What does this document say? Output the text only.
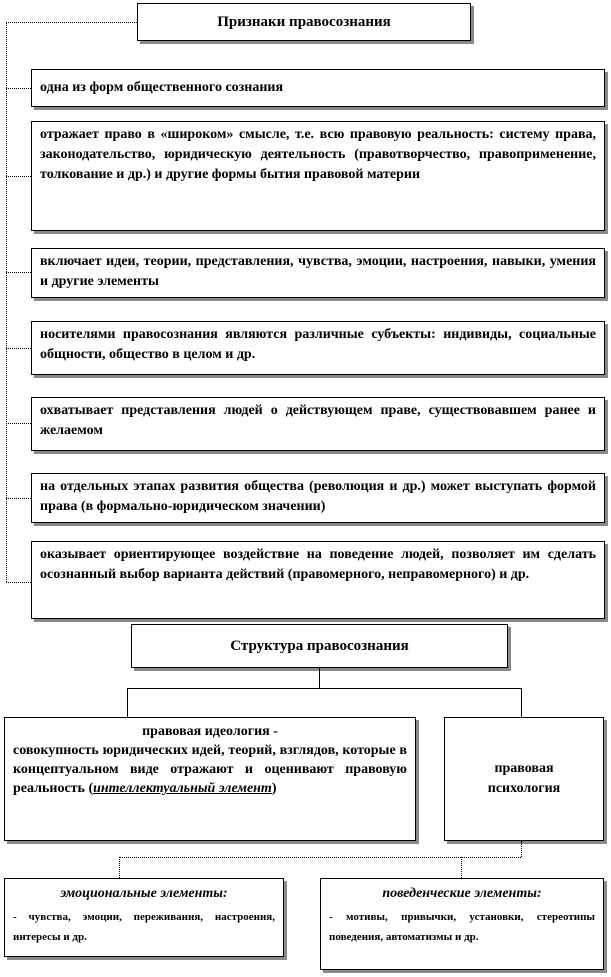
Признаки правосознания
одна из форм общественного сознания
отражает право в «широком» смысле, т.е. всю правовую реальность: систему права, законодательство, юридическую деятельность (правотворчество, правоприменение, толкование и др.) и другие формы бытия правовой материи
включает идеи, теории, представления, чувства, эмоции, настроения, навыки, умения и другие элементы
носителями правосознания являются различные субъекты: индивиды, социальные общности, общество в целом и др.
охватывает представления людей о действующем праве, существовавшем ранее и желаемом
на отдельных этапах развития общества (революция и др.) может выступать формой права (в формально-юридическом значении)
оказывает ориентирующее воздействие на поведение людей, позволяет им сделать осознанный выбор варианта действий (правомерного, неправомерного) и др.
Структура правосознания
правовая идеология -
совокупность юридических идей, теорий, взглядов, которые в концептуальном виде отражают и оценивают правовую реальность (интеллектуальный элемент)
правовая
психология
эмоциональные элементы:
- чувства, эмоции, переживания, настроения, интересы и др.
поведенческие элементы:
- мотивы, привычки, установки, стереотипы поведения, автоматизмы и др.
